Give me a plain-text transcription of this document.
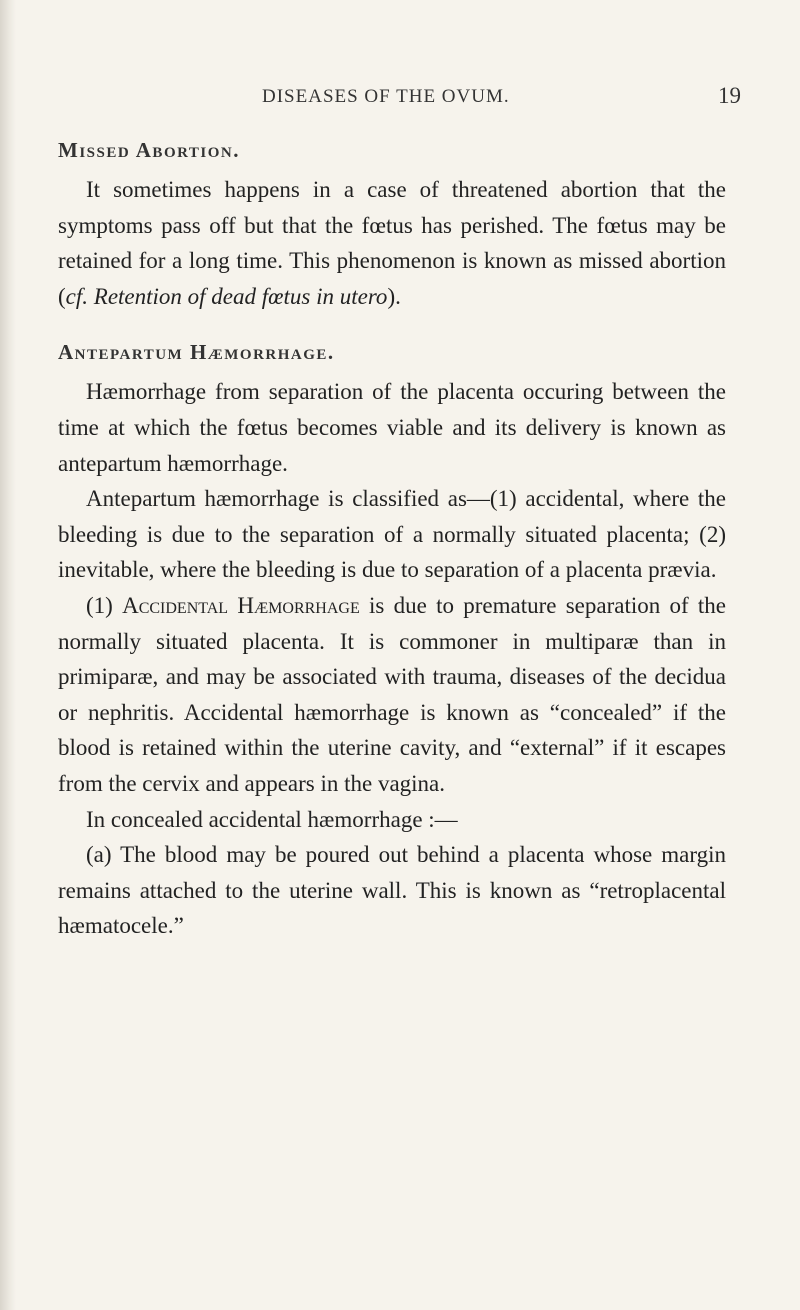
DISEASES OF THE OVUM.	19
Missed Abortion.

It sometimes happens in a case of threatened abortion that the symptoms pass off but that the fœtus has perished. The fœtus may be retained for a long time. This phenomenon is known as missed abortion (cf. Retention of dead fœtus in utero).

Antepartum Hæmorrhage.

Hæmorrhage from separation of the placenta occuring between the time at which the fœtus becomes viable and its delivery is known as antepartum hæmorrhage.

Antepartum hæmorrhage is classified as—(1) accidental, where the bleeding is due to the separation of a normally situated placenta; (2) inevitable, where the bleeding is due to separation of a placenta prævia.

(1) Accidental Hæmorrhage is due to premature separation of the normally situated placenta. It is commoner in multiparæ than in primiparæ, and may be associated with trauma, diseases of the decidua or nephritis. Accidental hæmorrhage is known as “concealed” if the blood is retained within the uterine cavity, and “external” if it escapes from the cervix and appears in the vagina.

In concealed accidental hæmorrhage :—

(a) The blood may be poured out behind a placenta whose margin remains attached to the uterine wall. This is known as “retroplacental hæmatocele.”
